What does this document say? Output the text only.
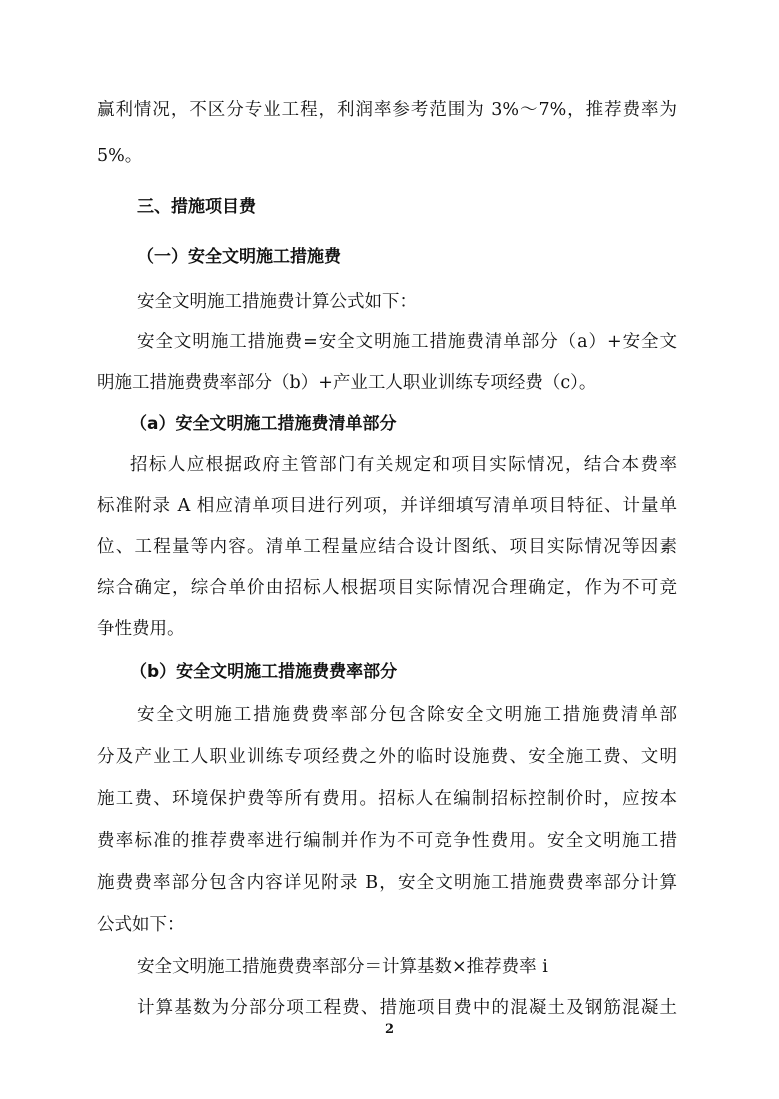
赢利情况，不区分专业工程，利润率参考范围为 3%～7%，推荐费率为
5%。
三、措施项目费
（一）安全文明施工措施费
安全文明施工措施费计算公式如下：
安全文明施工措施费=安全文明施工措施费清单部分（a）+安全文
明施工措施费费率部分（b）+产业工人职业训练专项经费（c）。
（a）安全文明施工措施费清单部分
招标人应根据政府主管部门有关规定和项目实际情况，结合本费率
标准附录 A 相应清单项目进行列项，并详细填写清单项目特征、计量单
位、工程量等内容。清单工程量应结合设计图纸、项目实际情况等因素
综合确定，综合单价由招标人根据项目实际情况合理确定，作为不可竞
争性费用。
（b）安全文明施工措施费费率部分
安全文明施工措施费费率部分包含除安全文明施工措施费清单部
分及产业工人职业训练专项经费之外的临时设施费、安全施工费、文明
施工费、环境保护费等所有费用。招标人在编制招标控制价时，应按本
费率标准的推荐费率进行编制并作为不可竞争性费用。安全文明施工措
施费费率部分包含内容详见附录 B，安全文明施工措施费费率部分计算
公式如下：
安全文明施工措施费费率部分＝计算基数×推荐费率 i
计算基数为分部分项工程费、措施项目费中的混凝土及钢筋混凝土
2
